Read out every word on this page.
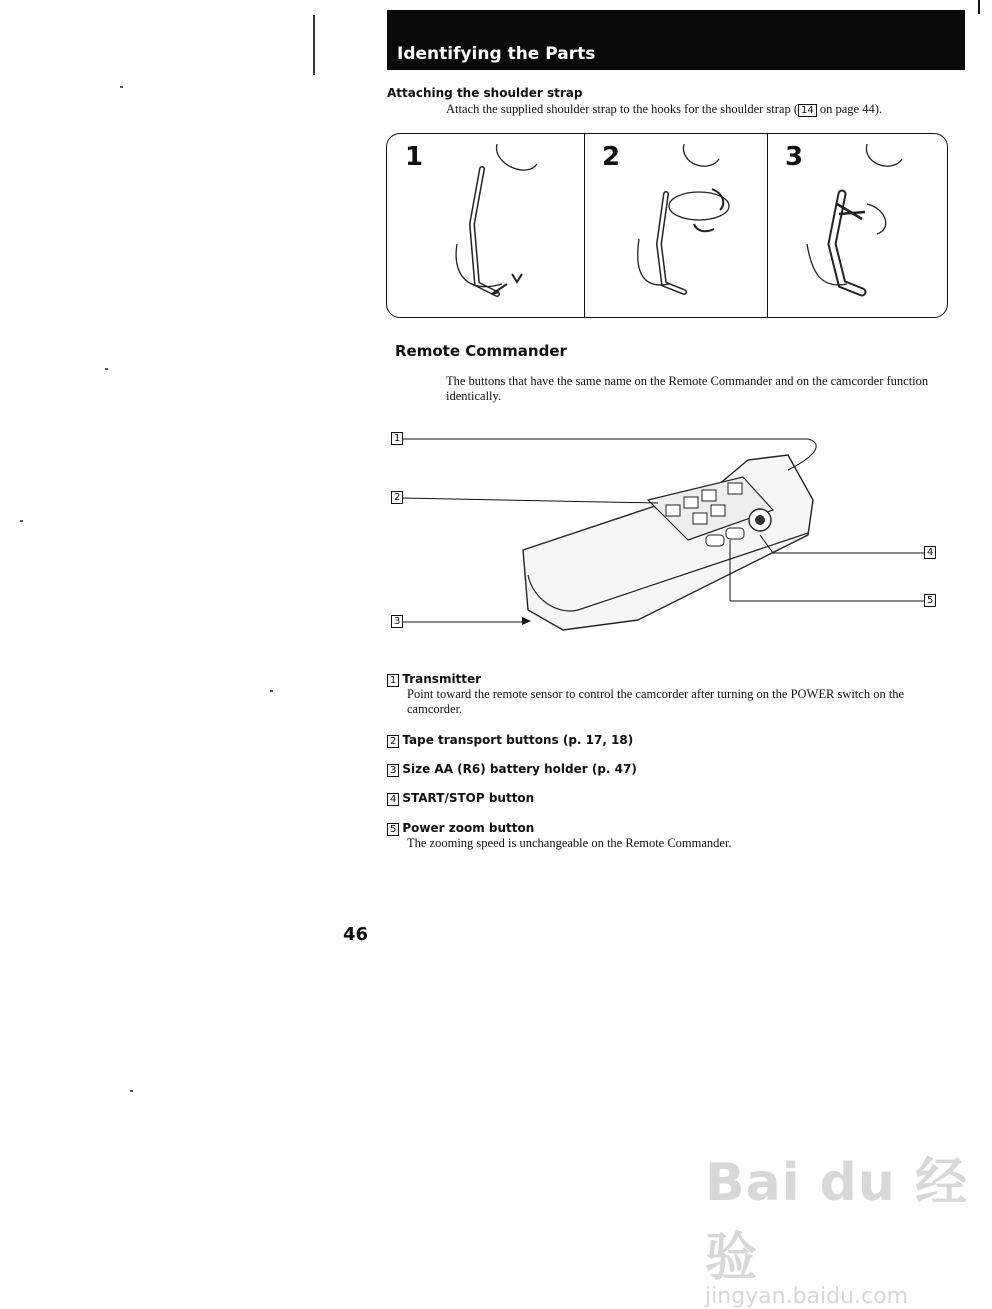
Identifying the Parts
Attaching the shoulder strap
Attach the supplied shoulder strap to the hooks for the shoulder strap ( 14 on page 44).
1	2	3
Remote Commander
The buttons that have the same name on the Remote Commander and on the camcorder function identically.
1
2
3
4
5
1 Transmitter
Point toward the remote sensor to control the camcorder after turning on the POWER switch on the camcorder.
2 Tape transport buttons (p. 17, 18)
3 Size AA (R6) battery holder (p. 47)
4 START/STOP button
5 Power zoom button
The zooming speed is unchangeable on the Remote Commander.
46
Bai du 经验
jingyan.baidu.com
